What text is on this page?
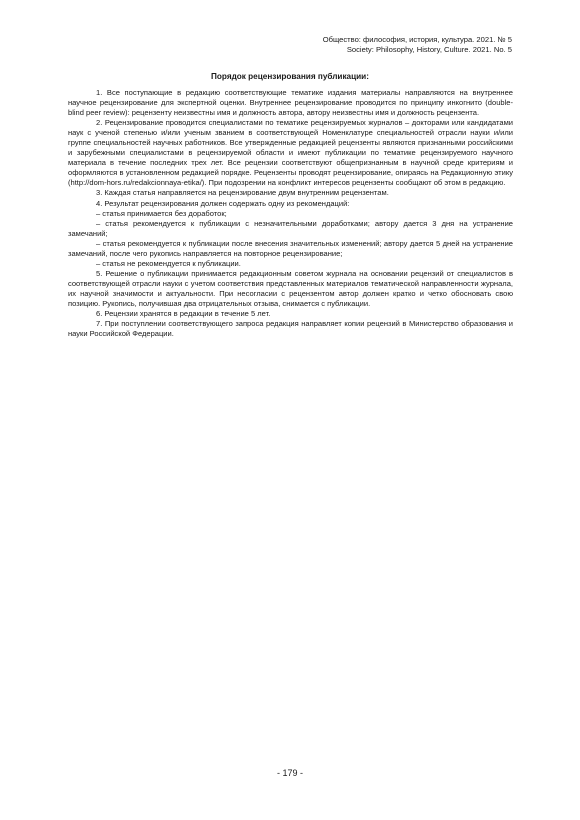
Общество: философия, история, культура. 2021. № 5
Society: Philosophy, History, Culture. 2021. No. 5
Порядок рецензирования публикации:

1. Все поступающие в редакцию соответствующие тематике издания материалы направляются на внутреннее научное рецензирование для экспертной оценки. Внутреннее рецензирование проводится по принципу инкогнито (double-blind peer review): рецензенту неизвестны имя и должность автора, автору неизвестны имя и должность рецензента.

2. Рецензирование проводится специалистами по тематике рецензируемых журналов – докторами или кандидатами наук с ученой степенью и/или ученым званием в соответствующей Номенклатуре специальностей отрасли науки и/или группе специальностей научных работников. Все утвержденные редакцией рецензенты являются признанными российскими и зарубежными специалистами в рецензируемой области и имеют публикации по тематике рецензируемого научного материала в течение последних трех лет. Все рецензии соответствуют общепризнанным в научной среде критериям и оформляются в установленном редакцией порядке. Рецензенты проводят рецензирование, опираясь на Редакционную этику (http://dom-hors.ru/redakcionnaya-etika/). При подозрении на конфликт интересов рецензенты сообщают об этом в редакцию.

3. Каждая статья направляется на рецензирование двум внутренним рецензентам.

4. Результат рецензирования должен содержать одну из рекомендаций:

– статья принимается без доработок;

– статья рекомендуется к публикации с незначительными доработками; автору дается 3 дня на устранение замечаний;

– статья рекомендуется к публикации после внесения значительных изменений; автору дается 5 дней на устранение замечаний, после чего рукопись направляется на повторное рецензирование;

– статья не рекомендуется к публикации.

5. Решение о публикации принимается редакционным советом журнала на основании рецензий от специалистов в соответствующей отрасли науки с учетом соответствия представленных материалов тематической направленности журнала, их научной значимости и актуальности. При несогласии с рецензентом автор должен кратко и четко обосновать свою позицию. Рукопись, получившая два отрицательных отзыва, снимается с публикации.

6. Рецензии хранятся в редакции в течение 5 лет.

7. При поступлении соответствующего запроса редакция направляет копии рецензий в Министерство образования и науки Российской Федерации.

- 179 -
